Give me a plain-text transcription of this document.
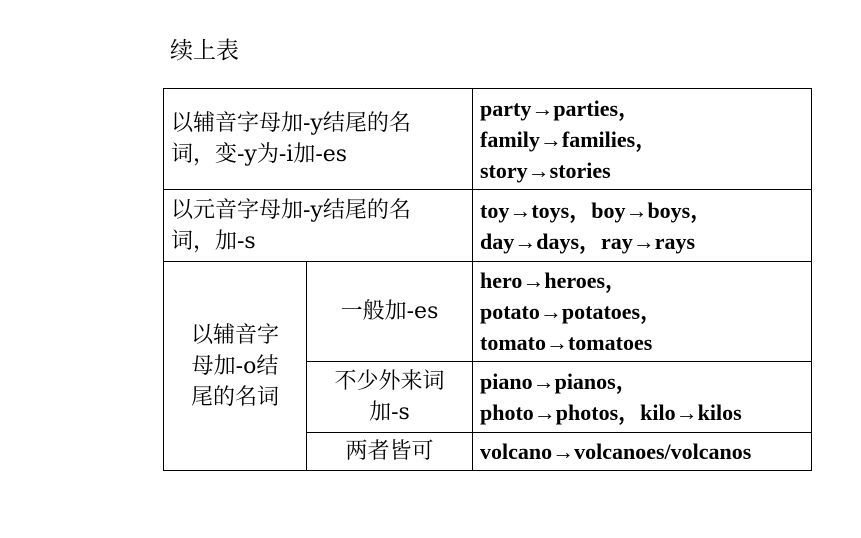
续上表
以辅音字母加-y结尾的名
词，变-y为-i加-es		party→parties，
family→families，
story→stories

以元音字母加-y结尾的名
词，加-s		toy→toys，boy→boys，
day→days，ray→rays

以辅音字
母加-o结
尾的名词	一般加-es	hero→heroes，
potato→potatoes，
tomato→tomatoes

	不少外来词
加-s	piano→pianos，
photo→photos，kilo→kilos

	两者皆可	volcano→volcanoes/volcanos
